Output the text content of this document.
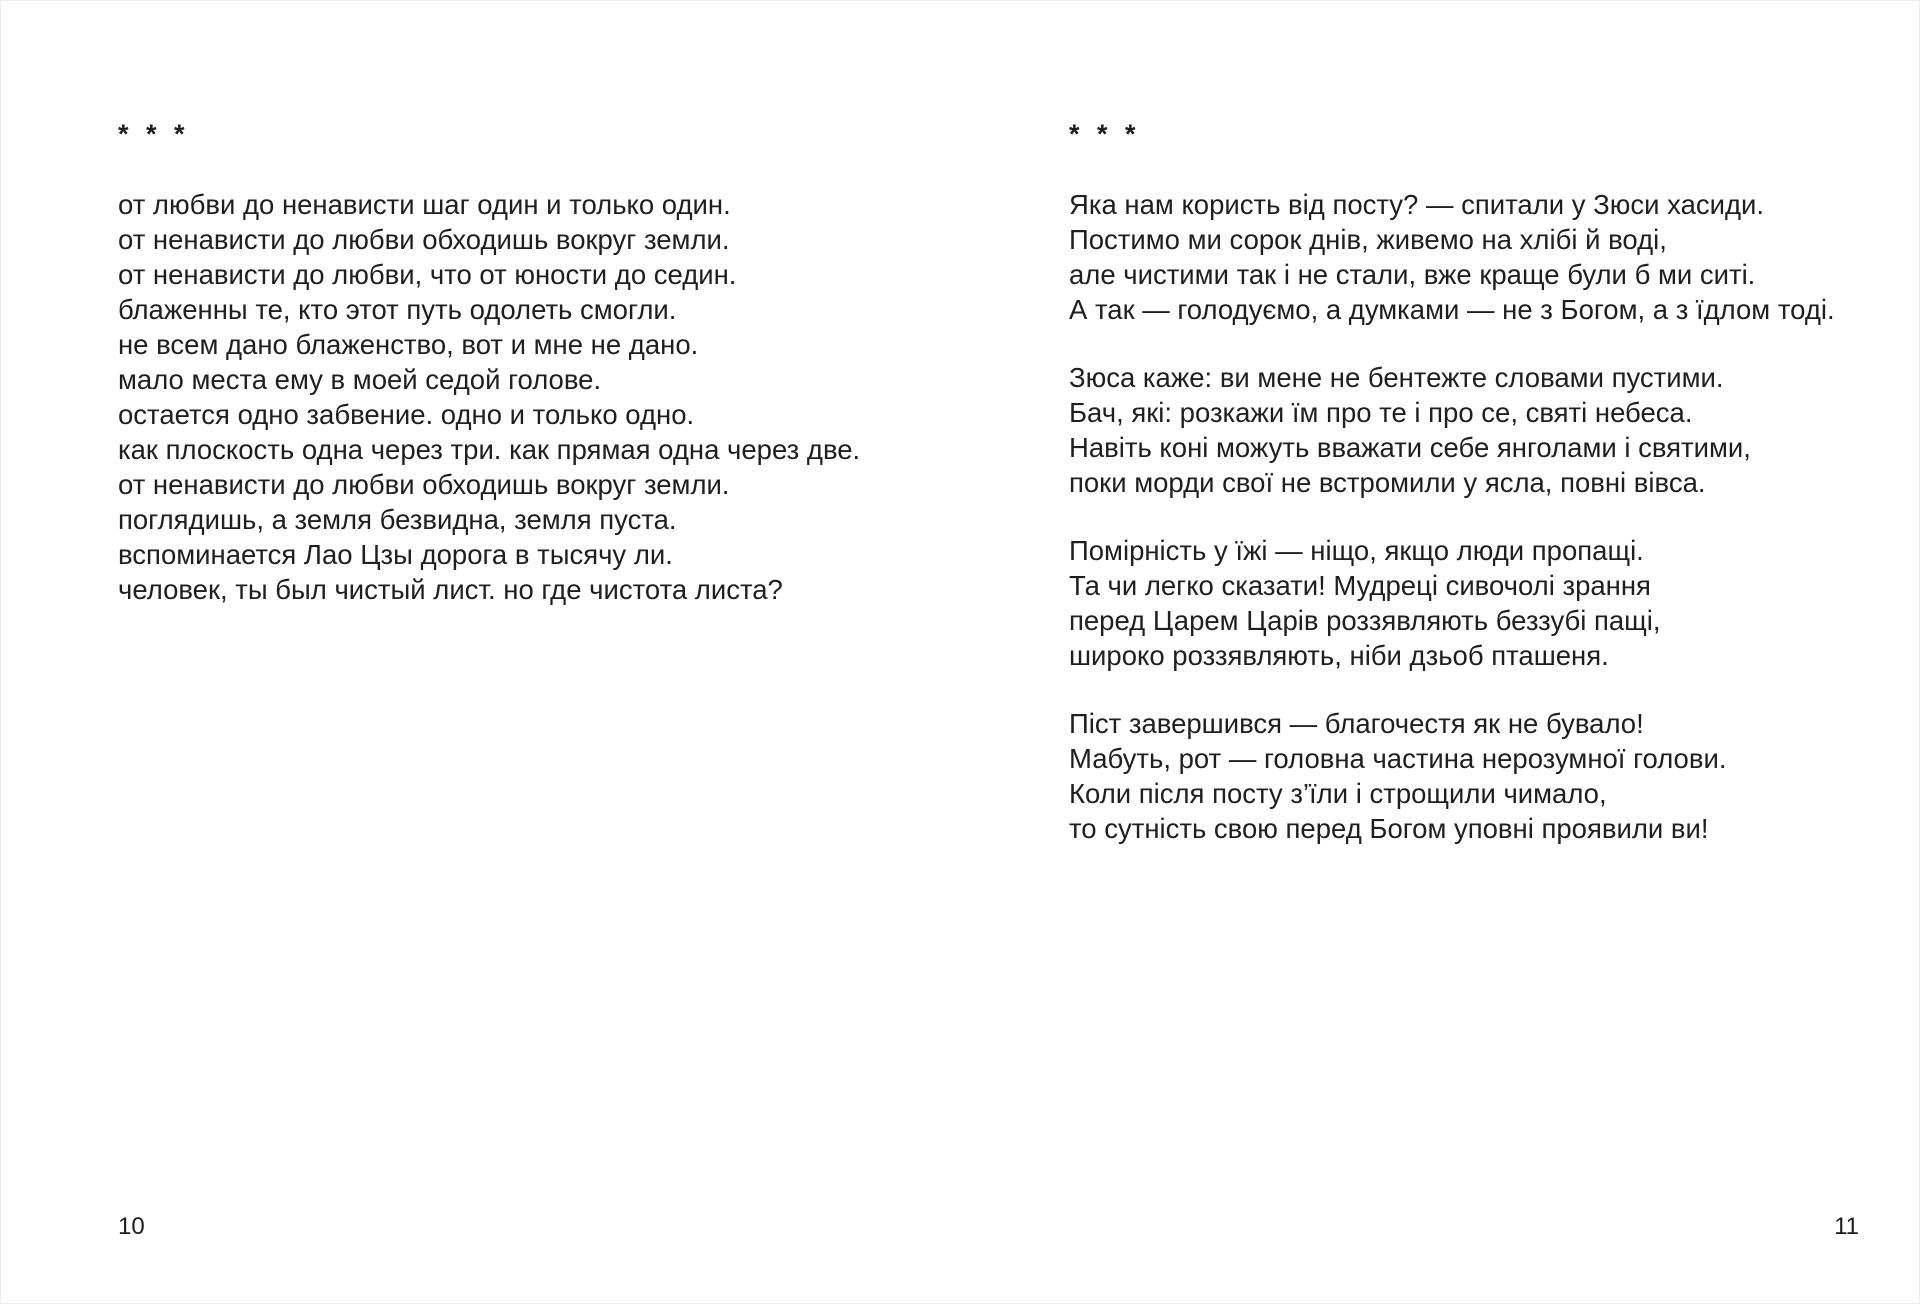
* * *
от любви до ненависти шаг один и только один.
от ненависти до любви обходишь вокруг земли.
от ненависти до любви, что от юности до седин.
блаженны те, кто этот путь одолеть смогли.
не всем дано блаженство, вот и мне не дано.
мало места ему в моей седой голове.
остается одно забвение. одно и только одно.
как плоскость одна через три. как прямая одна через две.
от ненависти до любви обходишь вокруг земли.
поглядишь, а земля безвидна, земля пуста.
вспоминается Лао Цзы дорога в тысячу ли.
человек, ты был чистый лист. но где чистота листа?
10
* * *
Яка нам користь від посту? — спитали у Зюси хасиди.
Постимо ми сорок днів, живемо на хлібі й воді,
але чистими так і не стали, вже краще були б ми ситі.
А так — голодуємо, а думками — не з Богом, а з їдлом тоді.
Зюса каже: ви мене не бентежте словами пустими.
Бач, які: розкажи їм про те і про се, святі небеса.
Навіть коні можуть вважати себе янголами і святими,
поки морди свої не встромили у ясла, повні вівса.
Помірність у їжі — ніщо, якщо люди пропащі.
Та чи легко сказати! Мудреці сивочолі зрання
перед Царем Царів роззявляють беззубі пащі,
широко роззявляють, ніби дзьоб пташеня.
Піст завершився — благочестя як не бувало!
Мабуть, рот — головна частина нерозумної голови.
Коли після посту з’їли і строщили чимало,
то сутність свою перед Богом уповні проявили ви!
11
